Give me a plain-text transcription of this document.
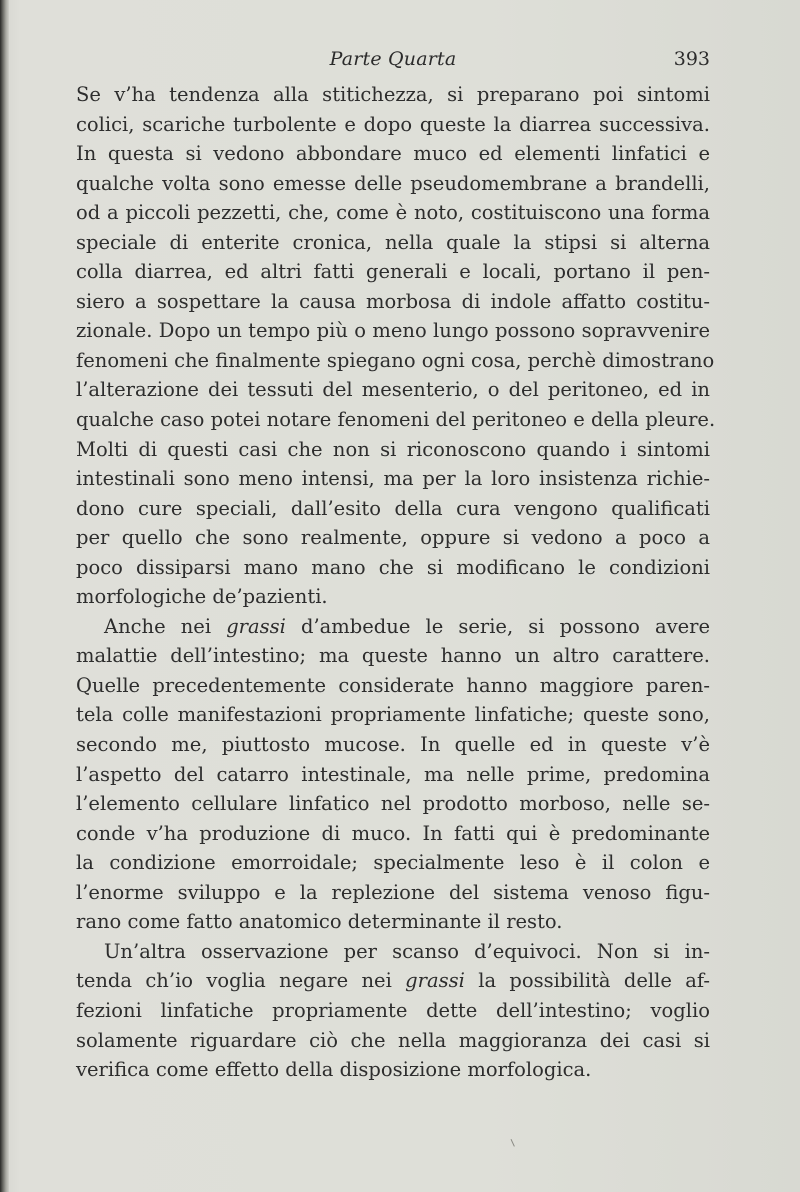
Parte Quarta	393
Se v’ha tendenza alla stitichezza, si preparano poi sintomi
colici, scariche turbolente e dopo queste la diarrea successiva.
In questa si vedono abbondare muco ed elementi linfatici e
qualche volta sono emesse delle pseudomembrane a brandelli,
od a piccoli pezzetti, che, come è noto, costituiscono una forma
speciale di enterite cronica, nella quale la stipsi si alterna
colla diarrea, ed altri fatti generali e locali, portano il pen-
siero a sospettare la causa morbosa di indole affatto costitu-
zionale. Dopo un tempo più o meno lungo possono sopravvenire
fenomeni che finalmente spiegano ogni cosa, perchè dimostrano
l’alterazione dei tessuti del mesenterio, o del peritoneo, ed in
qualche caso potei notare fenomeni del peritoneo e della pleure.
Molti di questi casi che non si riconoscono quando i sintomi
intestinali sono meno intensi, ma per la loro insistenza richie-
dono cure speciali, dall’esito della cura vengono qualificati
per quello che sono realmente, oppure si vedono a poco a
poco dissiparsi mano mano che si modificano le condizioni
morfologiche de’pazienti.
Anche nei grassi d’ambedue le serie, si possono avere
malattie dell’intestino; ma queste hanno un altro carattere.
Quelle precedentemente considerate hanno maggiore paren-
tela colle manifestazioni propriamente linfatiche; queste sono,
secondo me, piuttosto mucose. In quelle ed in queste v’è
l’aspetto del catarro intestinale, ma nelle prime, predomina
l’elemento cellulare linfatico nel prodotto morboso, nelle se-
conde v’ha produzione di muco. In fatti qui è predominante
la condizione emorroidale; specialmente leso è il colon e
l’enorme sviluppo e la replezione del sistema venoso figu-
rano come fatto anatomico determinante il resto.
Un’altra osservazione per scanso d’equivoci. Non si in-
tenda ch’io voglia negare nei grassi la possibilità delle af-
fezioni linfatiche propriamente dette dell’intestino; voglio
solamente riguardare ciò che nella maggioranza dei casi si
verifica come effetto della disposizione morfologica.
